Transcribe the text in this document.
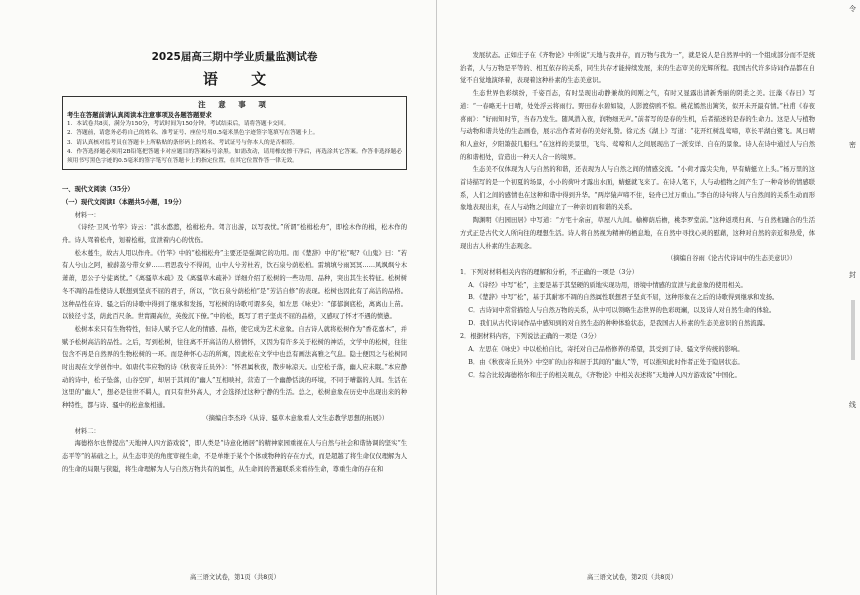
2025届高三期中学业质量监测试卷
语 文
注 意 事 项
考生在答题前请认真阅读本注意事项及各题答题要求
1．本试卷共8页，满分为150分，考试时间为150分钟。考试结束后，请将答题卡交回。
2．答题前，请您务必将自己的姓名、准考证号、座位号用0.5毫米黑色字迹签字笔填写在答题卡上。
3．请认真核对监考员在答题卡上所粘贴的条形码上的姓名、考试证号与你本人的是否相符。
4．作答选择题必须用2B铅笔把答题卡对应题目的答案标号涂黑。如需改动，请用橡皮擦干净后，再选涂其它答案。作答非选择题必须用书写黑色字迹的0.5毫米的签字笔写在答题卡上的指定位置，在其它位置作答一律无效。

一、现代文阅读（35分）

（一）现代文阅读Ⅰ（本题共5小题，19分）

材料一：

《诗经·卫风·竹竿》诗云：“淇水滺滺，桧楫松舟。驾言出游，以写我忧。”所谓“桧楫松舟”，即桧木作的楫，松木作的舟。诗人驾着松舟，划着桧楫，宣泄着内心的忧伤。

松木蔓生，故古人用以作舟。《竹竿》中的“桧楫松舟”主要还是强调它的功用。而《楚辞》中的“松”呢?《山鬼》曰：“若有人兮山之阿，被薜荔兮带女萝……君思我兮不得闲，山中人兮芳杜若，饮石泉兮荫松柏。雷填填兮雨冥冥……风飒飒兮木萧萧，思公子兮徒离忧。”《离骚草木疏》及《离骚草木疏补》详细介绍了松树的一些功用、品种，突出其生长特征。松树树冬不凋的品性使诗人联想到坚贞不屈的君子，所以，“饮石泉兮荫松柏”是“芳洁自修”的表现。松树也因此有了高洁的品格。这种品性在诗、骚之后的诗歌中得到了继承和发扬，写松树的诗歌可谓多矣，如左思《咏史》：“郁郁涧底松，离离山上苗。以彼径寸茎，荫此百尺条。世胄蹑高位，英俊沉下僚。”中的松，既写了君子坚贞不屈的品格，又感叹了怀才不遇的愤懑。

松树本来只有生物特性，但诗人赋予它人化的情感、品格，使它成为艺术意象。自古诗人就将松树作为“香花嘉木”，并赋予松树高洁的品性。之后，写到松树，往往离不开高洁的人格情怀，又因为有许多关于松树的神话，文学中的松树，往往包含不再是自然界的生物松树的一环。而是种怀心志的所寓，因此松在文学中也总有画法高雅之气息。隐士便因之与松树同时出现在文学创作中。如唐代韦应物的诗《秋夜寄丘员外》：“怀君属秋夜，散步咏凉天。山空松子落，幽人应未眠。”本应静动的诗中，松子坠落，山谷空旷，却居于其间的“幽人”互相映衬，营造了一个幽静恬淡的环境，不同于嘈嚣的人间。生活在这里的“幽人”，想必是往世不羁人，而只有世外高人，才会选择过这种宁静的生活。总之，松树意象在历史中出现出来的种种特性，都与诗、骚中的松意象相通。

（摘编自李杰玲《从诗、骚草木意象看人文生态教学思想的拓展》）

材料二：

海德格尔也曾提出“天地神人四方游戏说”，即人类是“诗意化栖居”的精神家园重视在人与自然与社会和谐协调的坚实“生态平等”的基础之上，从生态审美的角度审视生命，不是单维于某个个体或物种的存在方式，而是超越了将生命仅仅理解为人的生命的局限与狭隘，将生命理解为人与自然万物共有的属性，从生命间的普遍联系来看待生命，尊重生命的存在和

高三语文试卷，第1页（共8页）

发展状态。正如庄子在《齐物论》中所说“天地与我并存，而万物与我为一”，就是说人是自然界中的一个组成部分而不是统治者，人与万物是平等的、相互依存的关系，同生共存才能持续发展，来的生态审美的光辉所程。我国古代许多诗词作品都在自觉不自觉地演绎着，表现着这种朴素的生态美意识。

生态世界色彩缤纷，千姿百态，有时呈现出动静兼故的间刚之气，有时又显露出清新秀丽的阴柔之美。汪藻《春日》写道：“一春略无十日晴，处处浮云将雨行。野田春水碧如镜，人影渡傍鸥不惊。桃花嫣然出篱笑，似开未开最有情。”杜甫《春夜喜雨》：“好雨知时节，当春乃发生。随风潜入夜，润物细无声。”前者写的是春的生机，后者描述的是春的生命力。这是人与植物与动物和谐共处的生态画卷，展示出作者对春的美好礼赞。徐元杰《湖上》写道：“花开红树乱莺啼，草长平湖白鹭飞。风日晴和人意好，夕阳箫鼓几船归。”在这样的美景里，飞鸟、莺啼和人之间展现出了一派安详、自在的景象。诗人在诗中通过人与自然的和谐相处，营造出一种天人合一的境界。

生态美不仅体现为人与自然的和谐，还表现为人与自然之间的情感交流。“小荷才露尖尖角，早有蜻蜓立上头。”杨万里的这首诗描写的是一个初夏的场景，小小的荷叶才露出水面，蜻蜓就飞来了。在诗人笔下，人与动植物之间产生了一种奇妙的情感联系，人们之间的感情也在这种和谐中得到升华。“两岸猿声啼不住，轻舟已过万重山。”李白的诗句将人与自然间的关系生动而形象地表现出来，在人与动物之间建立了一种亲切而和谐的关系。

陶渊明《归园田居》中写道：“方宅十余亩，草屋八九间。榆柳荫后檐，桃李罗堂前。”这种返璞归真、与自然相融合的生活方式正是古代文人所向往的理想生活。诗人将自然视为精神的栖息地，在自然中寻找心灵的慰藉，这种对自然的亲近和热爱，体现出古人朴素的生态观念。

（摘编自谷雨《论古代诗词中的生态美意识》）

1．下列对材料相关内容的理解和分析，不正确的一项是（3分）

A．《诗经》中写“松”，主要是基于其坚硬的质地实现功用，语境中情感的宣泄与此意象的使用相关。

B．《楚辞》中写“松”，基于其耐寒不凋的自然属性联想君子坚贞不屈，这种形象在之后的诗歌得到继承和发扬。

C．古诗词中常常描绘人与自然万物的关系，从中可以领略生态世界的色彩斑斓，以及诗人对自然生命的体验。

D．我们从古代诗词作品中感知到的对自然生态的种种体验状态，是我国古人朴素的生态美意识的自然流露。

2．根据材料内容，下列说法正确的一项是（3分）

A．左思在《咏史》中以松柏自比，寄托对自己品格修养的希望，其受到了诗、骚文学传统的影响。

B．由《秋夜寄丘员外》中空旷的山谷和居于其间的“幽人”等，可以推知此时作者正处于隐居状态。

C．综合比较海德格尔和庄子的相关观点，《齐物论》中相关表述将“天地神人四方游戏说”中国化。

高三语文试卷，第2页（共8页）
令
密
封
线
